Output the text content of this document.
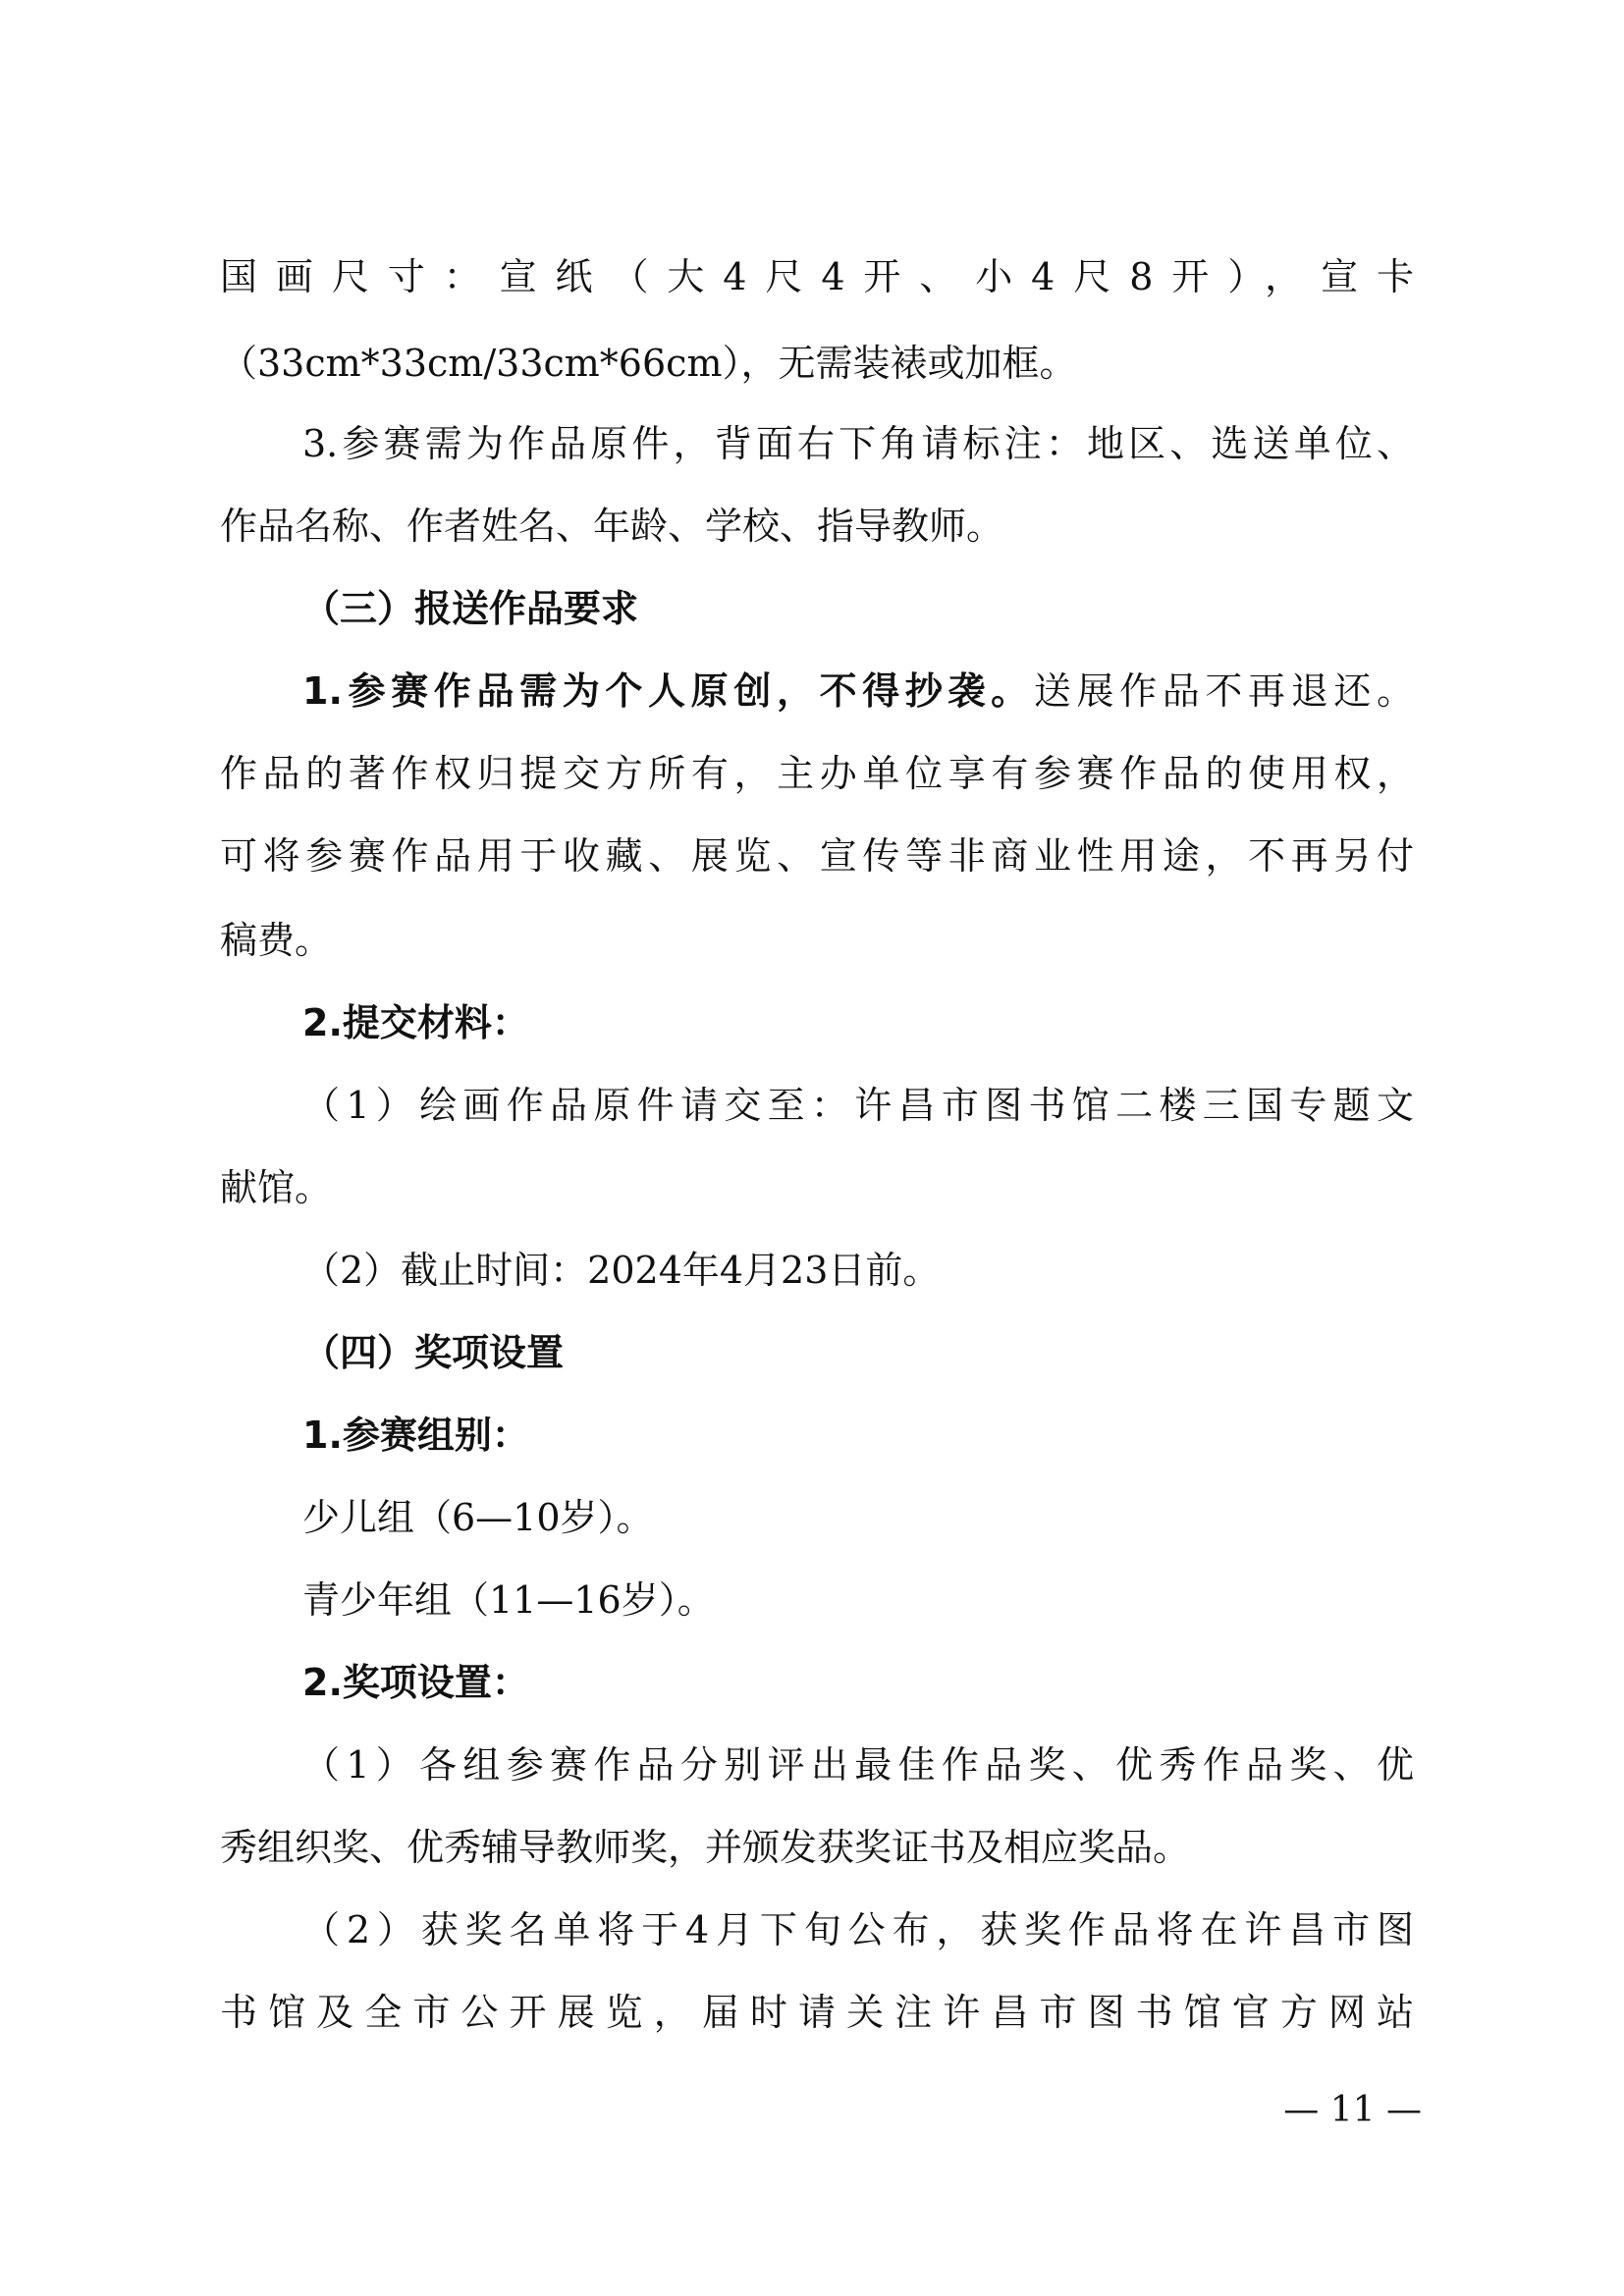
国画尺寸：宣纸（大4尺4开、小4尺8开），宣卡
（33cm*33cm/33cm*66cm），无需装裱或加框。
3.参赛需为作品原件，背面右下角请标注：地区、选送单位、
作品名称、作者姓名、年龄、学校、指导教师。
（三）报送作品要求
1.参赛作品需为个人原创，不得抄袭。送展作品不再退还。
作品的著作权归提交方所有，主办单位享有参赛作品的使用权，
可将参赛作品用于收藏、展览、宣传等非商业性用途，不再另付
稿费。
2.提交材料：
（1）绘画作品原件请交至：许昌市图书馆二楼三国专题文
献馆。
（2）截止时间：2024年4月23日前。
（四）奖项设置
1.参赛组别：
少儿组（6—10岁）。
青少年组（11—16岁）。
2.奖项设置：
（1）各组参赛作品分别评出最佳作品奖、优秀作品奖、优
秀组织奖、优秀辅导教师奖，并颁发获奖证书及相应奖品。
（2）获奖名单将于4月下旬公布，获奖作品将在许昌市图
书馆及全市公开展览，届时请关注许昌市图书馆官方网站
— 11 —
